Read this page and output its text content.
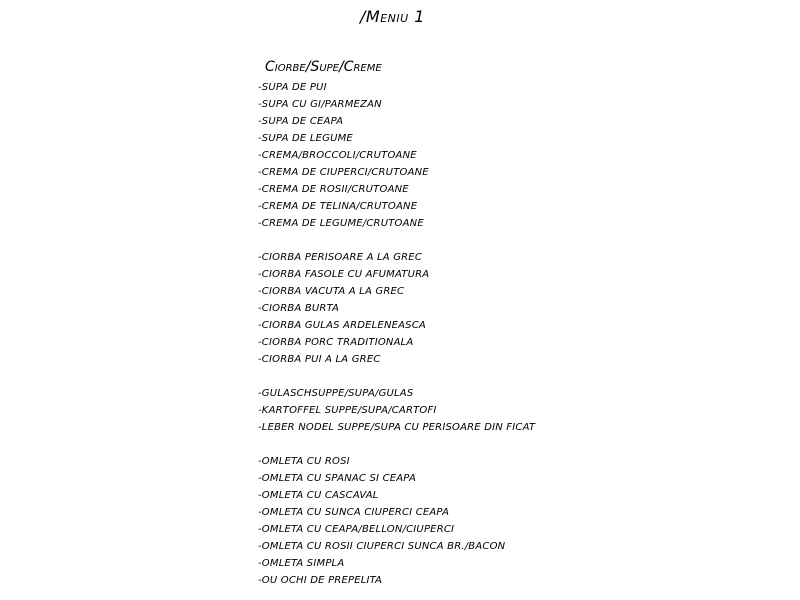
/Meniu 1
Ciorbe/Supe/Creme
-SUPA DE PUI
-SUPA CU GI/PARMEZAN
-SUPA DE CEAPA
-SUPA DE LEGUME
-CREMA/BROCCOLI/CRUTOANE
-CREMA DE CIUPERCI/CRUTOANE
-CREMA DE ROSII/CRUTOANE
-CREMA DE TELINA/CRUTOANE
-CREMA DE LEGUME/CRUTOANE
-CIORBA PERISOARE A LA GREC
-CIORBA FASOLE CU AFUMATURA
-CIORBA VACUTA A LA GREC
-CIORBA BURTA
-CIORBA GULAS ARDELENEASCA
-CIORBA PORC TRADITIONALA
-CIORBA PUI A LA GREC
-GULASCHSUPPE/SUPA/GULAS
-KARTOFFEL SUPPE/SUPA/CARTOFI
-LEBER NODEL SUPPE/SUPA CU PERISOARE DIN FICAT
-OMLETA CU ROSI
-OMLETA CU SPANAC SI CEAPA
-OMLETA CU CASCAVAL
-OMLETA CU SUNCA CIUPERCI CEAPA
-OMLETA CU CEAPA/BELLON/CIUPERCI
-OMLETA CU ROSII CIUPERCI SUNCA BR./BACON
-OMLETA SIMPLA
-OU OCHI DE PREPELITA
